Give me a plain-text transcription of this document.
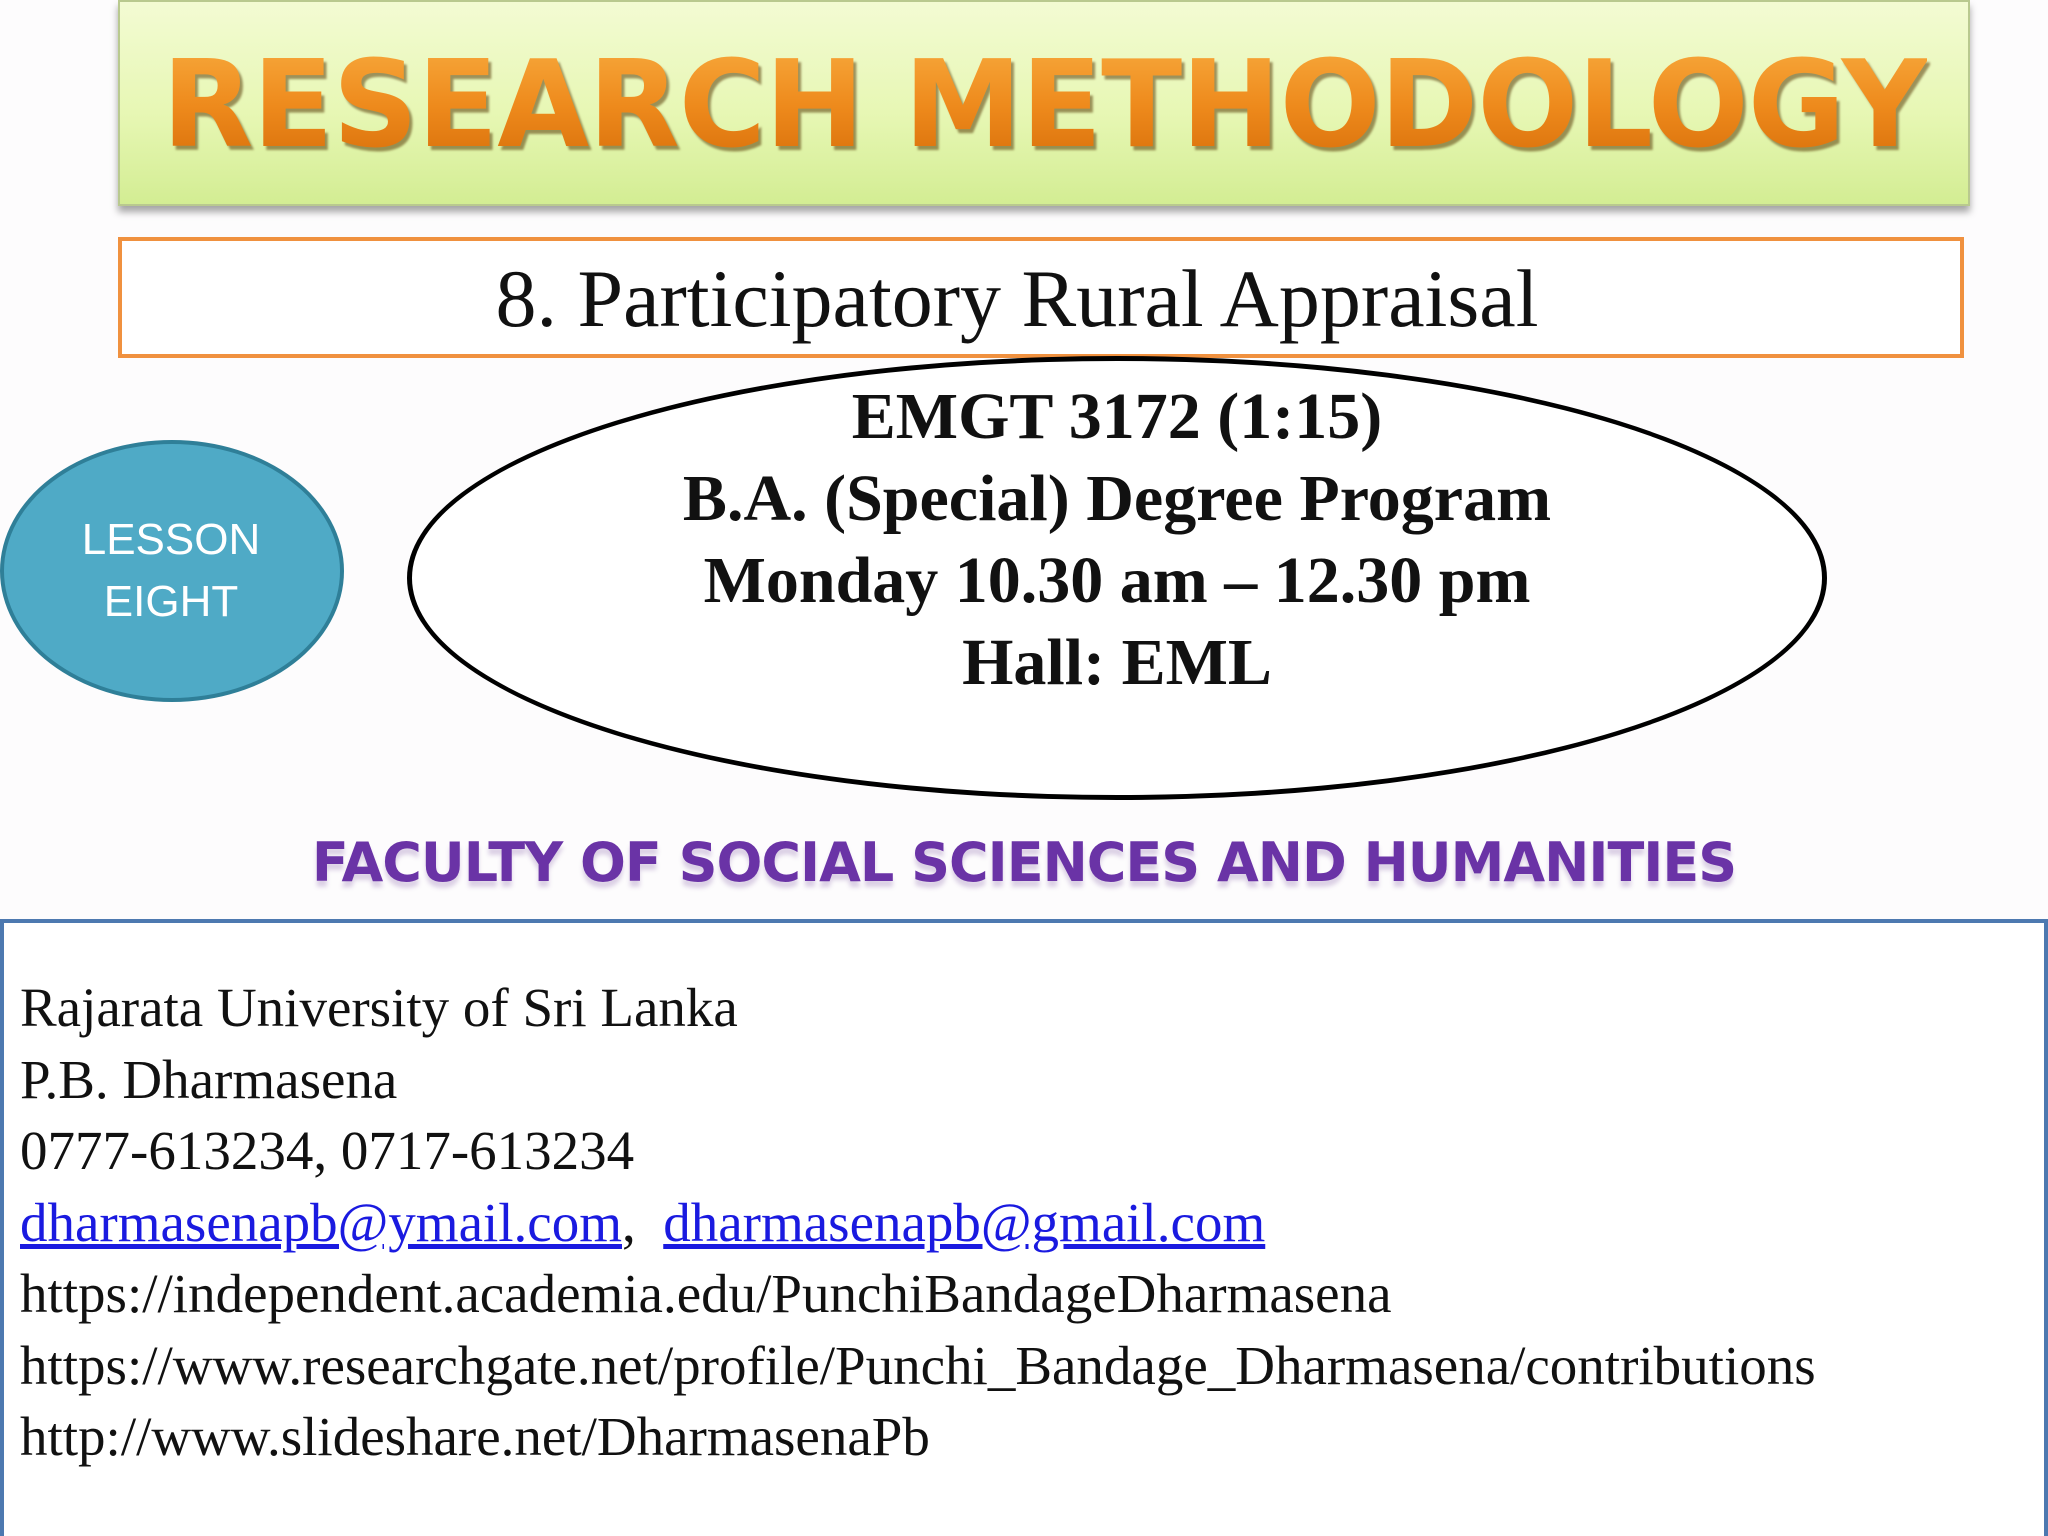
RESEARCH METHODOLOGY
8. Participatory Rural Appraisal
LESSON
EIGHT
EMGT 3172 (1:15)
B.A. (Special) Degree Program
Monday 10.30 am – 12.30 pm
Hall: EML
FACULTY OF SOCIAL SCIENCES AND HUMANITIES
Rajarata University of Sri Lanka
P.B. Dharmasena
0777-613234, 0717-613234
dharmasenapb@ymail.com,  dharmasenapb@gmail.com
https://independent.academia.edu/PunchiBandageDharmasena
https://www.researchgate.net/profile/Punchi_Bandage_Dharmasena/contributions
http://www.slideshare.net/DharmasenaPb
